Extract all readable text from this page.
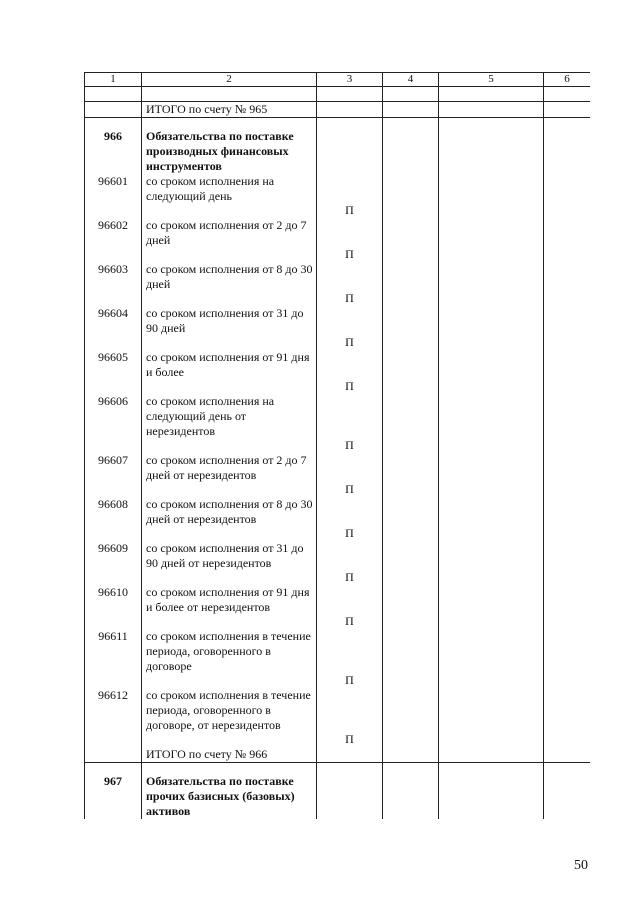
1	2	3	4	5	6

	ИТОГО по счету № 965				
966	Обязательства по поставке производных финансовых инструментов				
96601	со сроком исполнения на следующий день	П			
96602	со сроком исполнения от 2 до 7 дней	П			
96603	со сроком исполнения от 8 до 30 дней	П			
96604	со сроком исполнения от 31 до 90 дней	П			
96605	со сроком исполнения от 91 дня и более	П			
96606	со сроком исполнения на следующий день от нерезидентов	П			
96607	со сроком исполнения от 2 до 7 дней от нерезидентов	П			
96608	со сроком исполнения от 8 до 30 дней от нерезидентов	П			
96609	со сроком исполнения от 31 до 90 дней от нерезидентов	П			
96610	со сроком исполнения от 91 дня и более от нерезидентов	П			
96611	со сроком исполнения в течение периода, оговоренного в договоре	П			
96612	со сроком исполнения в течение периода, оговоренного в договоре, от нерезидентов	П			
	ИТОГО по счету № 966				
967	Обязательства по поставке прочих базисных (базовых) активов				
50
